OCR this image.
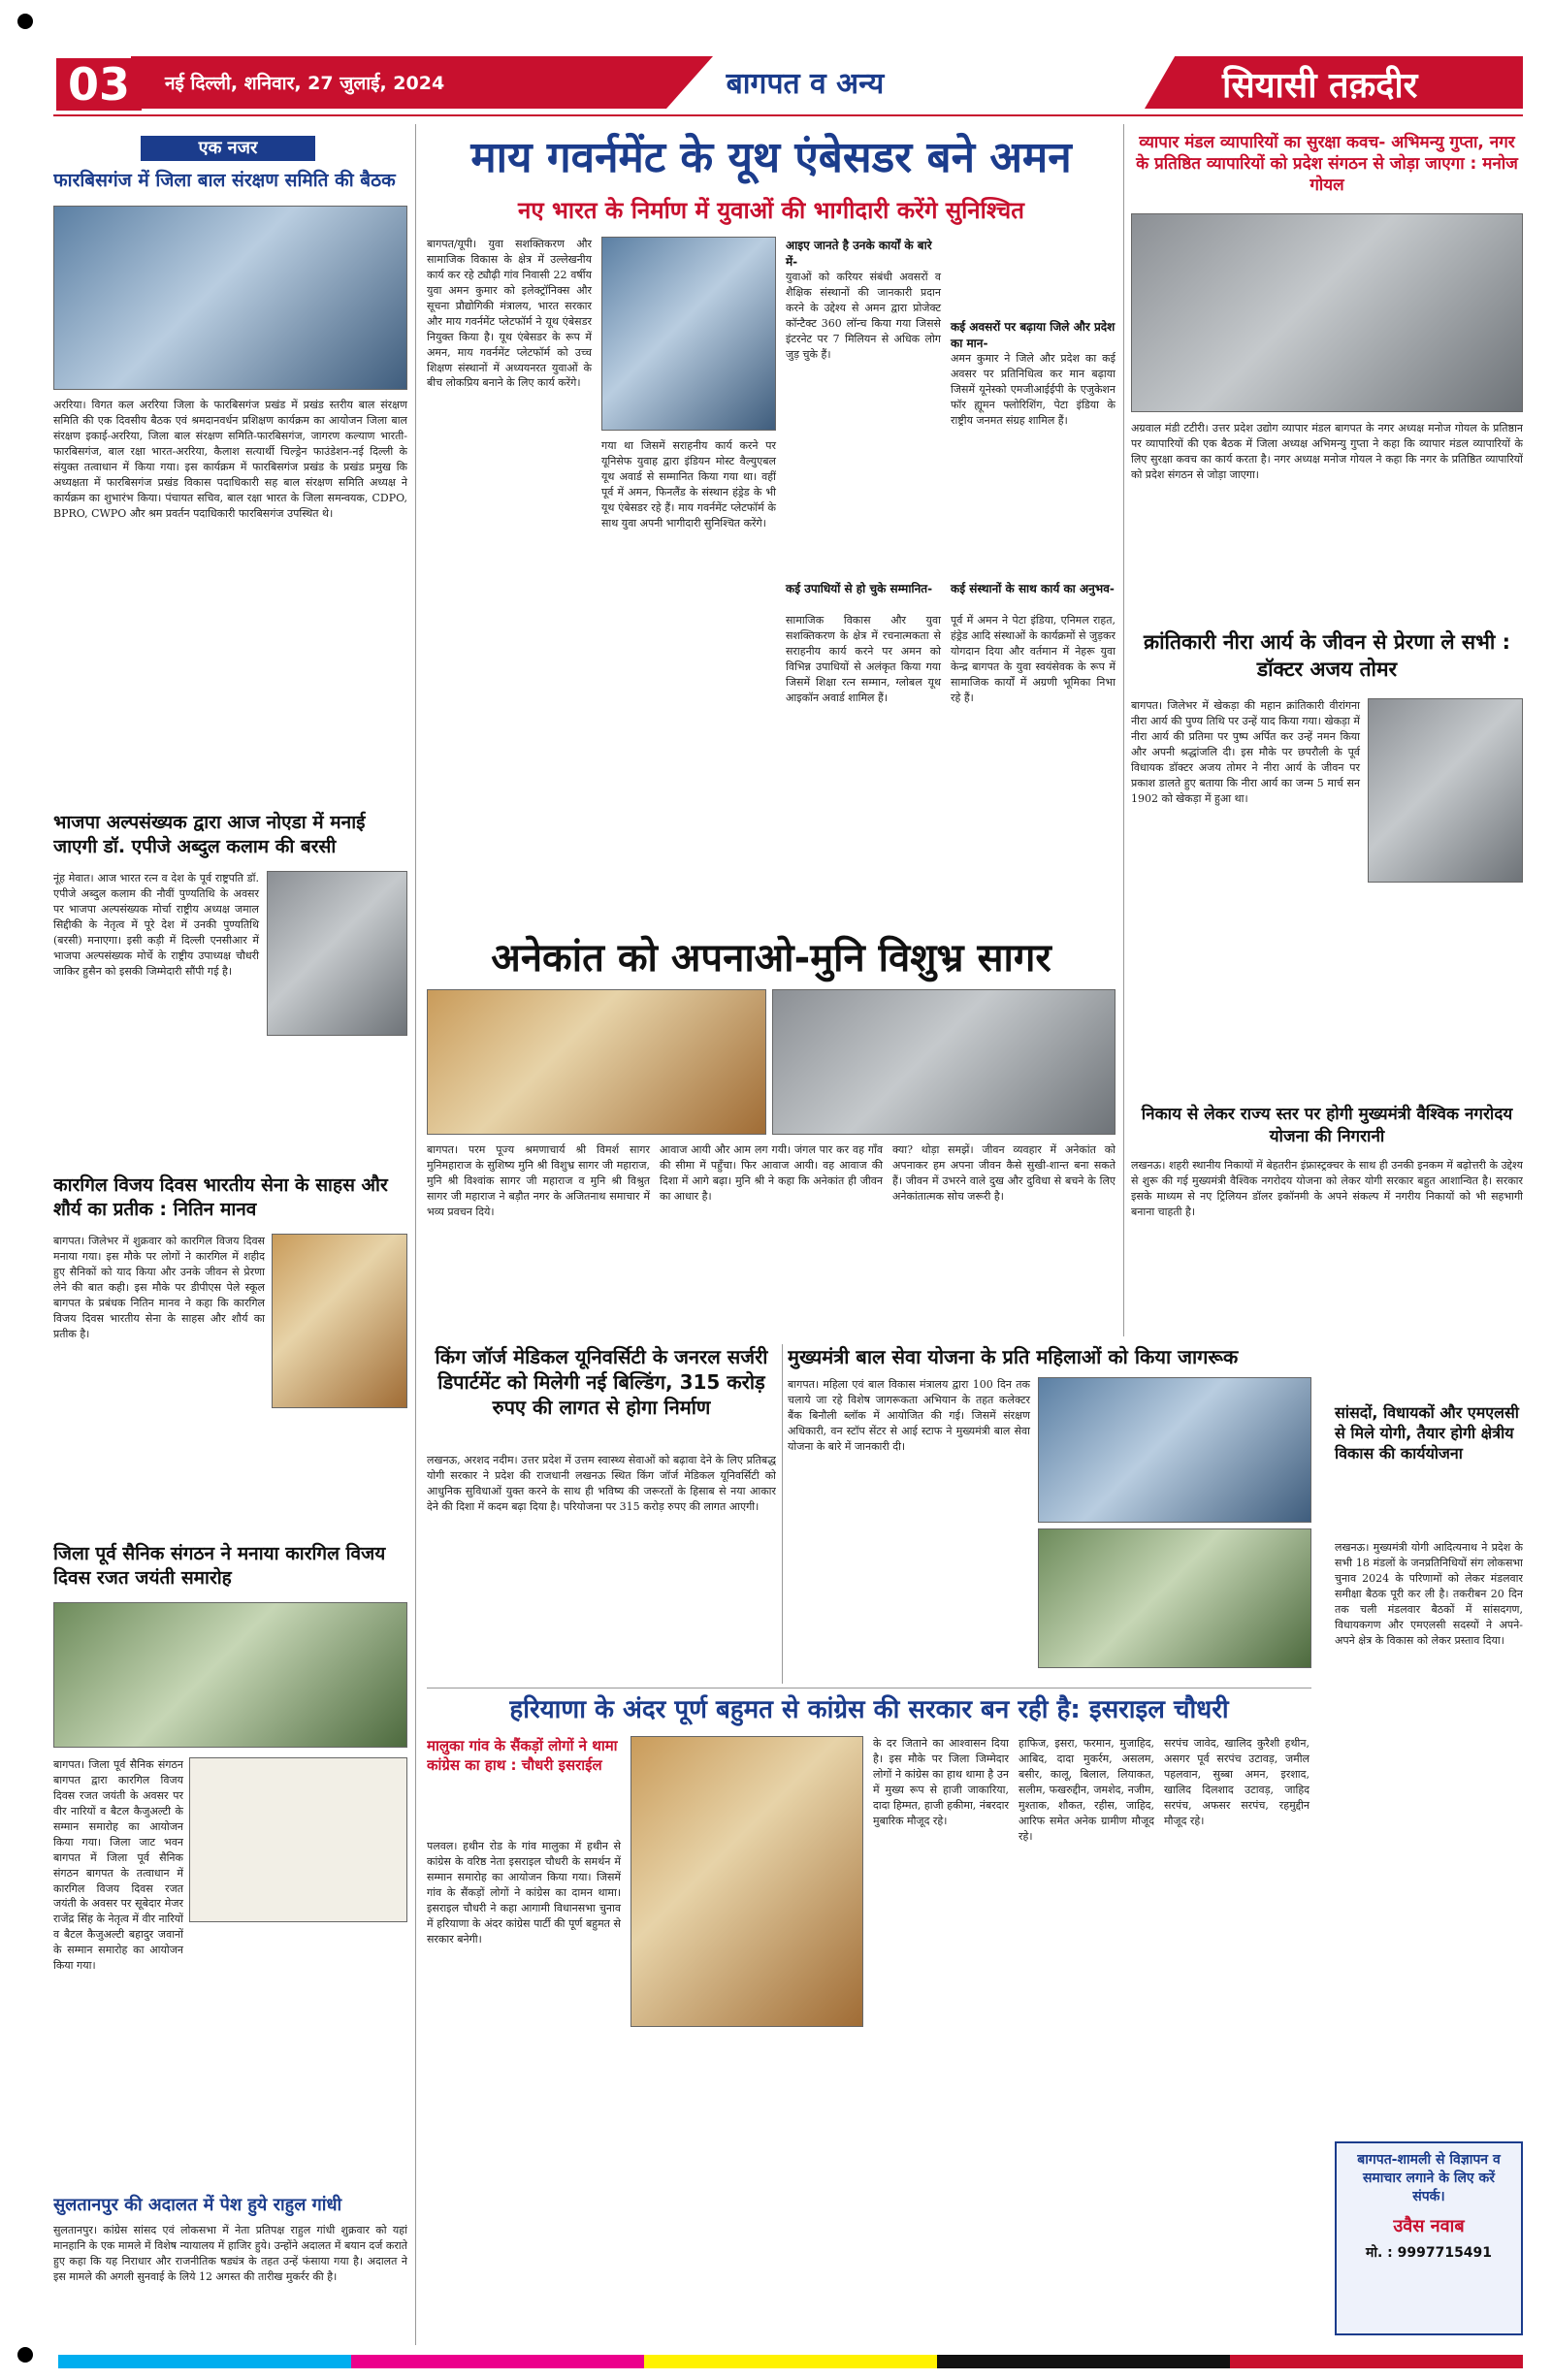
03	नई दिल्ली, शनिवार, 27 जुलाई, 2024	बागपत व अन्य	सियासी तक़दीर
एक नजर
फारबिसगंज में जिला बाल संरक्षण समिति की बैठक
अररिया। विगत कल अररिया जिला के फारबिसगंज प्रखंड में प्रखंड स्तरीय बाल संरक्षण समिति की एक दिवसीय बैठक एवं श्रमदानवर्धन प्रशिक्षण कार्यक्रम का आयोजन जिला बाल संरक्षण इकाई-अररिया, जिला बाल संरक्षण समिति-फारबिसगंज, जागरण कल्याण भारती-फारबिसगंज, बाल रक्षा भारत-अररिया, कैलाश सत्यार्थी चिल्ड्रेन फाउंडेशन-नई दिल्ली के संयुक्त तत्वाधान में किया गया। इस कार्यक्रम में फारबिसगंज प्रखंड के प्रखंड प्रमुख कि अध्यक्षता में फारबिसगंज प्रखंड विकास पदाधिकारी सह बाल संरक्षण समिति अध्यक्ष ने कार्यक्रम का शुभारंभ किया। पंचायत सचिव, बाल रक्षा भारत के जिला समन्वयक, CDPO, BPRO, CWPO और श्रम प्रवर्तन पदाधिकारी फारबिसगंज उपस्थित थे।
भाजपा अल्पसंख्यक द्वारा आज नोएडा में मनाई जाएगी डॉ. एपीजे अब्दुल कलाम की बरसी
नूंह मेवात। आज भारत रत्न व देश के पूर्व राष्ट्रपति डॉ. एपीजे अब्दुल कलाम की नौवीं पुण्यतिथि के अवसर पर भाजपा अल्पसंख्यक मोर्चा राष्ट्रीय अध्यक्ष जमाल सिद्दीकी के नेतृत्व में पूरे देश में उनकी पुण्यतिथि (बरसी) मनाएगा। इसी कड़ी में दिल्ली एनसीआर में भाजपा अल्पसंख्यक मोर्चे के राष्ट्रीय उपाध्यक्ष चौधरी जाकिर हुसैन को इसकी जिम्मेदारी सौंपी गई है।
कारगिल विजय दिवस भारतीय सेना के साहस और शौर्य का प्रतीक : नितिन मानव
बागपत। जिलेभर में शुक्रवार को कारगिल विजय दिवस मनाया गया। इस मौके पर लोगों ने कारगिल में शहीद हुए सैनिकों को याद किया और उनके जीवन से प्रेरणा लेने की बात कही। इस मौके पर डीपीएस पेले स्कूल बागपत के प्रबंधक नितिन मानव ने कहा कि कारगिल विजय दिवस भारतीय सेना के साहस और शौर्य का प्रतीक है।
जिला पूर्व सैनिक संगठन ने मनाया कारगिल विजय दिवस रजत जयंती समारोह
बागपत। जिला पूर्व सैनिक संगठन बागपत द्वारा कारगिल विजय दिवस रजत जयंती के अवसर पर वीर नारियों व बैटल कैजुअल्टी के सम्मान समारोह का आयोजन किया गया। जिला जाट भवन बागपत में जिला पूर्व सैनिक संगठन बागपत के तत्वाधान में कारगिल विजय दिवस रजत जयंती के अवसर पर सूबेदार मेजर राजेंद्र सिंह के नेतृत्व में वीर नारियों व बैटल कैजुअल्टी बहादुर जवानों के सम्मान समारोह का आयोजन किया गया।
सुलतानपुर की अदालत में पेश हुये राहुल गांधी
सुलतानपुर। कांग्रेस सांसद एवं लोकसभा में नेता प्रतिपक्ष राहुल गांधी शुक्रवार को यहां मानहानि के एक मामले में विशेष न्यायालय में हाजिर हुये। उन्होंने अदालत में बयान दर्ज कराते हुए कहा कि यह निराधार और राजनीतिक षड्यंत्र के तहत उन्हें फंसाया गया है। अदालत ने इस मामले की अगली सुनवाई के लिये 12 अगस्त की तारीख मुकर्रर की है।
माय गवर्नमेंट के यूथ एंबेसडर बने अमन
नए भारत के निर्माण में युवाओं की भागीदारी करेंगे सुनिश्चित
बागपत/यूपी। युवा सशक्तिकरण और सामाजिक विकास के क्षेत्र में उल्लेखनीय कार्य कर रहे ट्यौढ़ी गांव निवासी 22 वर्षीय युवा अमन कुमार को इलेक्ट्रॉनिक्स और सूचना प्रौद्योगिकी मंत्रालय, भारत सरकार और माय गवर्नमेंट प्लेटफॉर्म ने यूथ एंबेसडर नियुक्त किया है। यूथ एंबेसडर के रूप में अमन, माय गवर्नमेंट प्लेटफॉर्म को उच्च शिक्षण संस्थानों में अध्ययनरत युवाओं के बीच लोकप्रिय बनाने के लिए कार्य करेंगे।
गया था जिसमें सराहनीय कार्य करने पर यूनिसेफ युवाह द्वारा इंडियन मोस्ट वैल्युएबल यूथ अवार्ड से सम्मानित किया गया था। वहीं पूर्व में अमन, फिनलैंड के संस्थान हंड्रेड के भी यूथ एंबेसडर रहे हैं। माय गवर्नमेंट प्लेटफॉर्म के साथ युवा अपनी भागीदारी सुनिश्चित करेंगे।
आइए जानते है उनके कार्यों के बारे में-
युवाओं को करियर संबंधी अवसरों व शैक्षिक संस्थानों की जानकारी प्रदान करने के उद्देश्य से अमन द्वारा प्रोजेक्ट कॉन्टैक्ट 360 लॉन्च किया गया जिससे इंटरनेट पर 7 मिलियन से अधिक लोग जुड़ चुके हैं।
कई उपाधियों से हो चुके सम्मानित-
सामाजिक विकास और युवा सशक्तिकरण के क्षेत्र में रचनात्मकता से सराहनीय कार्य करने पर अमन को विभिन्न उपाधियों से अलंकृत किया गया जिसमें शिक्षा रत्न सम्मान, ग्लोबल यूथ आइकॉन अवार्ड शामिल हैं।
कई अवसरों पर बढ़ाया जिले और प्रदेश का मान-
अमन कुमार ने जिले और प्रदेश का कई अवसर पर प्रतिनिधित्व कर मान बढ़ाया जिसमें यूनेस्को एमजीआईईपी के एजुकेशन फॉर ह्यूमन फ्लोरिशिंग, पेटा इंडिया के राष्ट्रीय जनमत संग्रह शामिल हैं।
कई संस्थानों के साथ कार्य का अनुभव-
पूर्व में अमन ने पेटा इंडिया, एनिमल राहत, हंड्रेड आदि संस्थाओं के कार्यक्रमों से जुड़कर योगदान दिया और वर्तमान में नेहरू युवा केन्द्र बागपत के युवा स्वयंसेवक के रूप में सामाजिक कार्यों में अग्रणी भूमिका निभा रहे हैं।
अनेकांत को अपनाओ-मुनि विशुभ्र सागर
बागपत। परम पूज्य श्रमणाचार्य श्री विमर्श सागर मुनिमहाराज के सुशिष्य मुनि श्री विशुभ्र सागर जी महाराज, मुनि श्री विश्वांक सागर जी महाराज व मुनि श्री विश्रुत सागर जी महाराज ने बड़ौत नगर के अजितनाथ समाचार में भव्य प्रवचन दिये।
आवाज आयी और आम लग गयी। जंगल पार कर वह गाँव की सीमा में पहुँचा। फिर आवाज आयी। वह आवाज की दिशा में आगे बढ़ा। मुनि श्री ने कहा कि अनेकांत ही जीवन का आधार है।
क्या? थोड़ा समझें। जीवन व्यवहार में अनेकांत को अपनाकर हम अपना जीवन कैसे सुखी-शान्त बना सकते हैं। जीवन में उभरने वाले दुख और दुविधा से बचने के लिए अनेकांतात्मक सोच जरूरी है।
किंग जॉर्ज मेडिकल यूनिवर्सिटी के जनरल सर्जरी डिपार्टमेंट को मिलेगी नई बिल्डिंग, 315 करोड़ रुपए की लागत से होगा निर्माण
लखनऊ, अरशद नदीम। उत्तर प्रदेश में उत्तम स्वास्थ्य सेवाओं को बढ़ावा देने के लिए प्रतिबद्ध योगी सरकार ने प्रदेश की राजधानी लखनऊ स्थित किंग जॉर्ज मेडिकल यूनिवर्सिटी को आधुनिक सुविधाओं युक्त करने के साथ ही भविष्य की जरूरतों के हिसाब से नया आकार देने की दिशा में कदम बढ़ा दिया है। परियोजना पर 315 करोड़ रुपए की लागत आएगी।
मुख्यमंत्री बाल सेवा योजना के प्रति महिलाओं को किया जागरूक
बागपत। महिला एवं बाल विकास मंत्रालय द्वारा 100 दिन तक चलाये जा रहे विशेष जागरूकता अभियान के तहत कलेक्टर बैंक बिनौली ब्लॉक में आयोजित की गई। जिसमें संरक्षण अधिकारी, वन स्टॉप सेंटर से आई स्टाफ ने मुख्यमंत्री बाल सेवा योजना के बारे में जानकारी दी।
हरियाणा के अंदर पूर्ण बहुमत से कांग्रेस की सरकार बन रही है: इसराइल चौधरी
मालुका गांव के सैंकड़ों लोगों ने थामा कांग्रेस का हाथ : चौधरी इसराईल
पलवल। हथीन रोड के गांव मालुका में हथीन से कांग्रेस के वरिष्ठ नेता इसराइल चौधरी के समर्थन में सम्मान समारोह का आयोजन किया गया। जिसमें गांव के सैंकड़ों लोगों ने कांग्रेस का दामन थामा। इसराइल चौधरी ने कहा आगामी विधानसभा चुनाव में हरियाणा के अंदर कांग्रेस पार्टी की पूर्ण बहुमत से सरकार बनेगी।
के दर जिताने का आश्वासन दिया है। इस मौके पर जिला जिम्मेदार लोगों ने कांग्रेस का हाथ थामा है उन में मुख्य रूप से हाजी जाकारिया, दादा हिम्मत, हाजी हकीमा, नंबरदार मुबारिक मौजूद रहे।
हाफिज, इसरा, फरमान, मुजाहिद, आबिद, दादा मुकर्रम, असलम, बसीर, कालू, बिलाल, लियाकत, सलीम, फखरुद्दीन, जमशेद, नजीम, मुश्ताक, शौकत, रहीस, जाहिद, आरिफ समेत अनेक ग्रामीण मौजूद रहे।
सरपंच जावेद, खालिद कुरैशी हथीन, असगर पूर्व सरपंच उटावड़, जमील पहलवान, सुब्बा अमन, इरशाद, खालिद दिलशाद उटावड़, जाहिद सरपंच, अफसर सरपंच, रहमुद्दीन मौजूद रहे।
व्यापार मंडल व्यापारियों का सुरक्षा कवच- अभिमन्यु गुप्ता, नगर के प्रतिष्ठित व्यापारियों को प्रदेश संगठन से जोड़ा जाएगा : मनोज गोयल
अग्रवाल मंडी टटीरी। उत्तर प्रदेश उद्योग व्यापार मंडल बागपत के नगर अध्यक्ष मनोज गोयल के प्रतिष्ठान पर व्यापारियों की एक बैठक में जिला अध्यक्ष अभिमन्यु गुप्ता ने कहा कि व्यापार मंडल व्यापारियों के लिए सुरक्षा कवच का कार्य करता है। नगर अध्यक्ष मनोज गोयल ने कहा कि नगर के प्रतिष्ठित व्यापारियों को प्रदेश संगठन से जोड़ा जाएगा।
क्रांतिकारी नीरा आर्य के जीवन से प्रेरणा ले सभी : डॉक्टर अजय तोमर
बागपत। जिलेभर में खेकड़ा की महान क्रांतिकारी वीरांगना नीरा आर्य की पुण्य तिथि पर उन्हें याद किया गया। खेकड़ा में नीरा आर्य की प्रतिमा पर पुष्प अर्पित कर उन्हें नमन किया और अपनी श्रद्धांजलि दी। इस मौके पर छपरौली के पूर्व विधायक डॉक्टर अजय तोमर ने नीरा आर्य के जीवन पर प्रकाश डालते हुए बताया कि नीरा आर्य का जन्म 5 मार्च सन 1902 को खेकड़ा में हुआ था।
निकाय से लेकर राज्य स्तर पर होगी मुख्यमंत्री वैश्विक नगरोदय योजना की निगरानी
लखनऊ। शहरी स्थानीय निकायों में बेहतरीन इंफ्रास्ट्रक्चर के साथ ही उनकी इनकम में बढ़ोत्तरी के उद्देश्य से शुरू की गई मुख्यमंत्री वैश्विक नगरोदय योजना को लेकर योगी सरकार बहुत आशान्वित है। सरकार इसके माध्यम से नए ट्रिलियन डॉलर इकॉनमी के अपने संकल्प में नगरीय निकायों को भी सहभागी बनाना चाहती है।
सांसदों, विधायकों और एमएलसी से मिले योगी, तैयार होगी क्षेत्रीय विकास की कार्ययोजना
लखनऊ। मुख्यमंत्री योगी आदित्यनाथ ने प्रदेश के सभी 18 मंडलों के जनप्रतिनिधियों संग लोकसभा चुनाव 2024 के परिणामों को लेकर मंडलवार समीक्षा बैठक पूरी कर ली है। तकरीबन 20 दिन तक चली मंडलवार बैठकों में सांसदगण, विधायकगण और एमएलसी सदस्यों ने अपने-अपने क्षेत्र के विकास को लेकर प्रस्ताव दिया।
बागपत-शामली से विज्ञापन व समाचार लगाने के लिए करें संपर्क।
उवैस नवाब
मो. : 9997715491
